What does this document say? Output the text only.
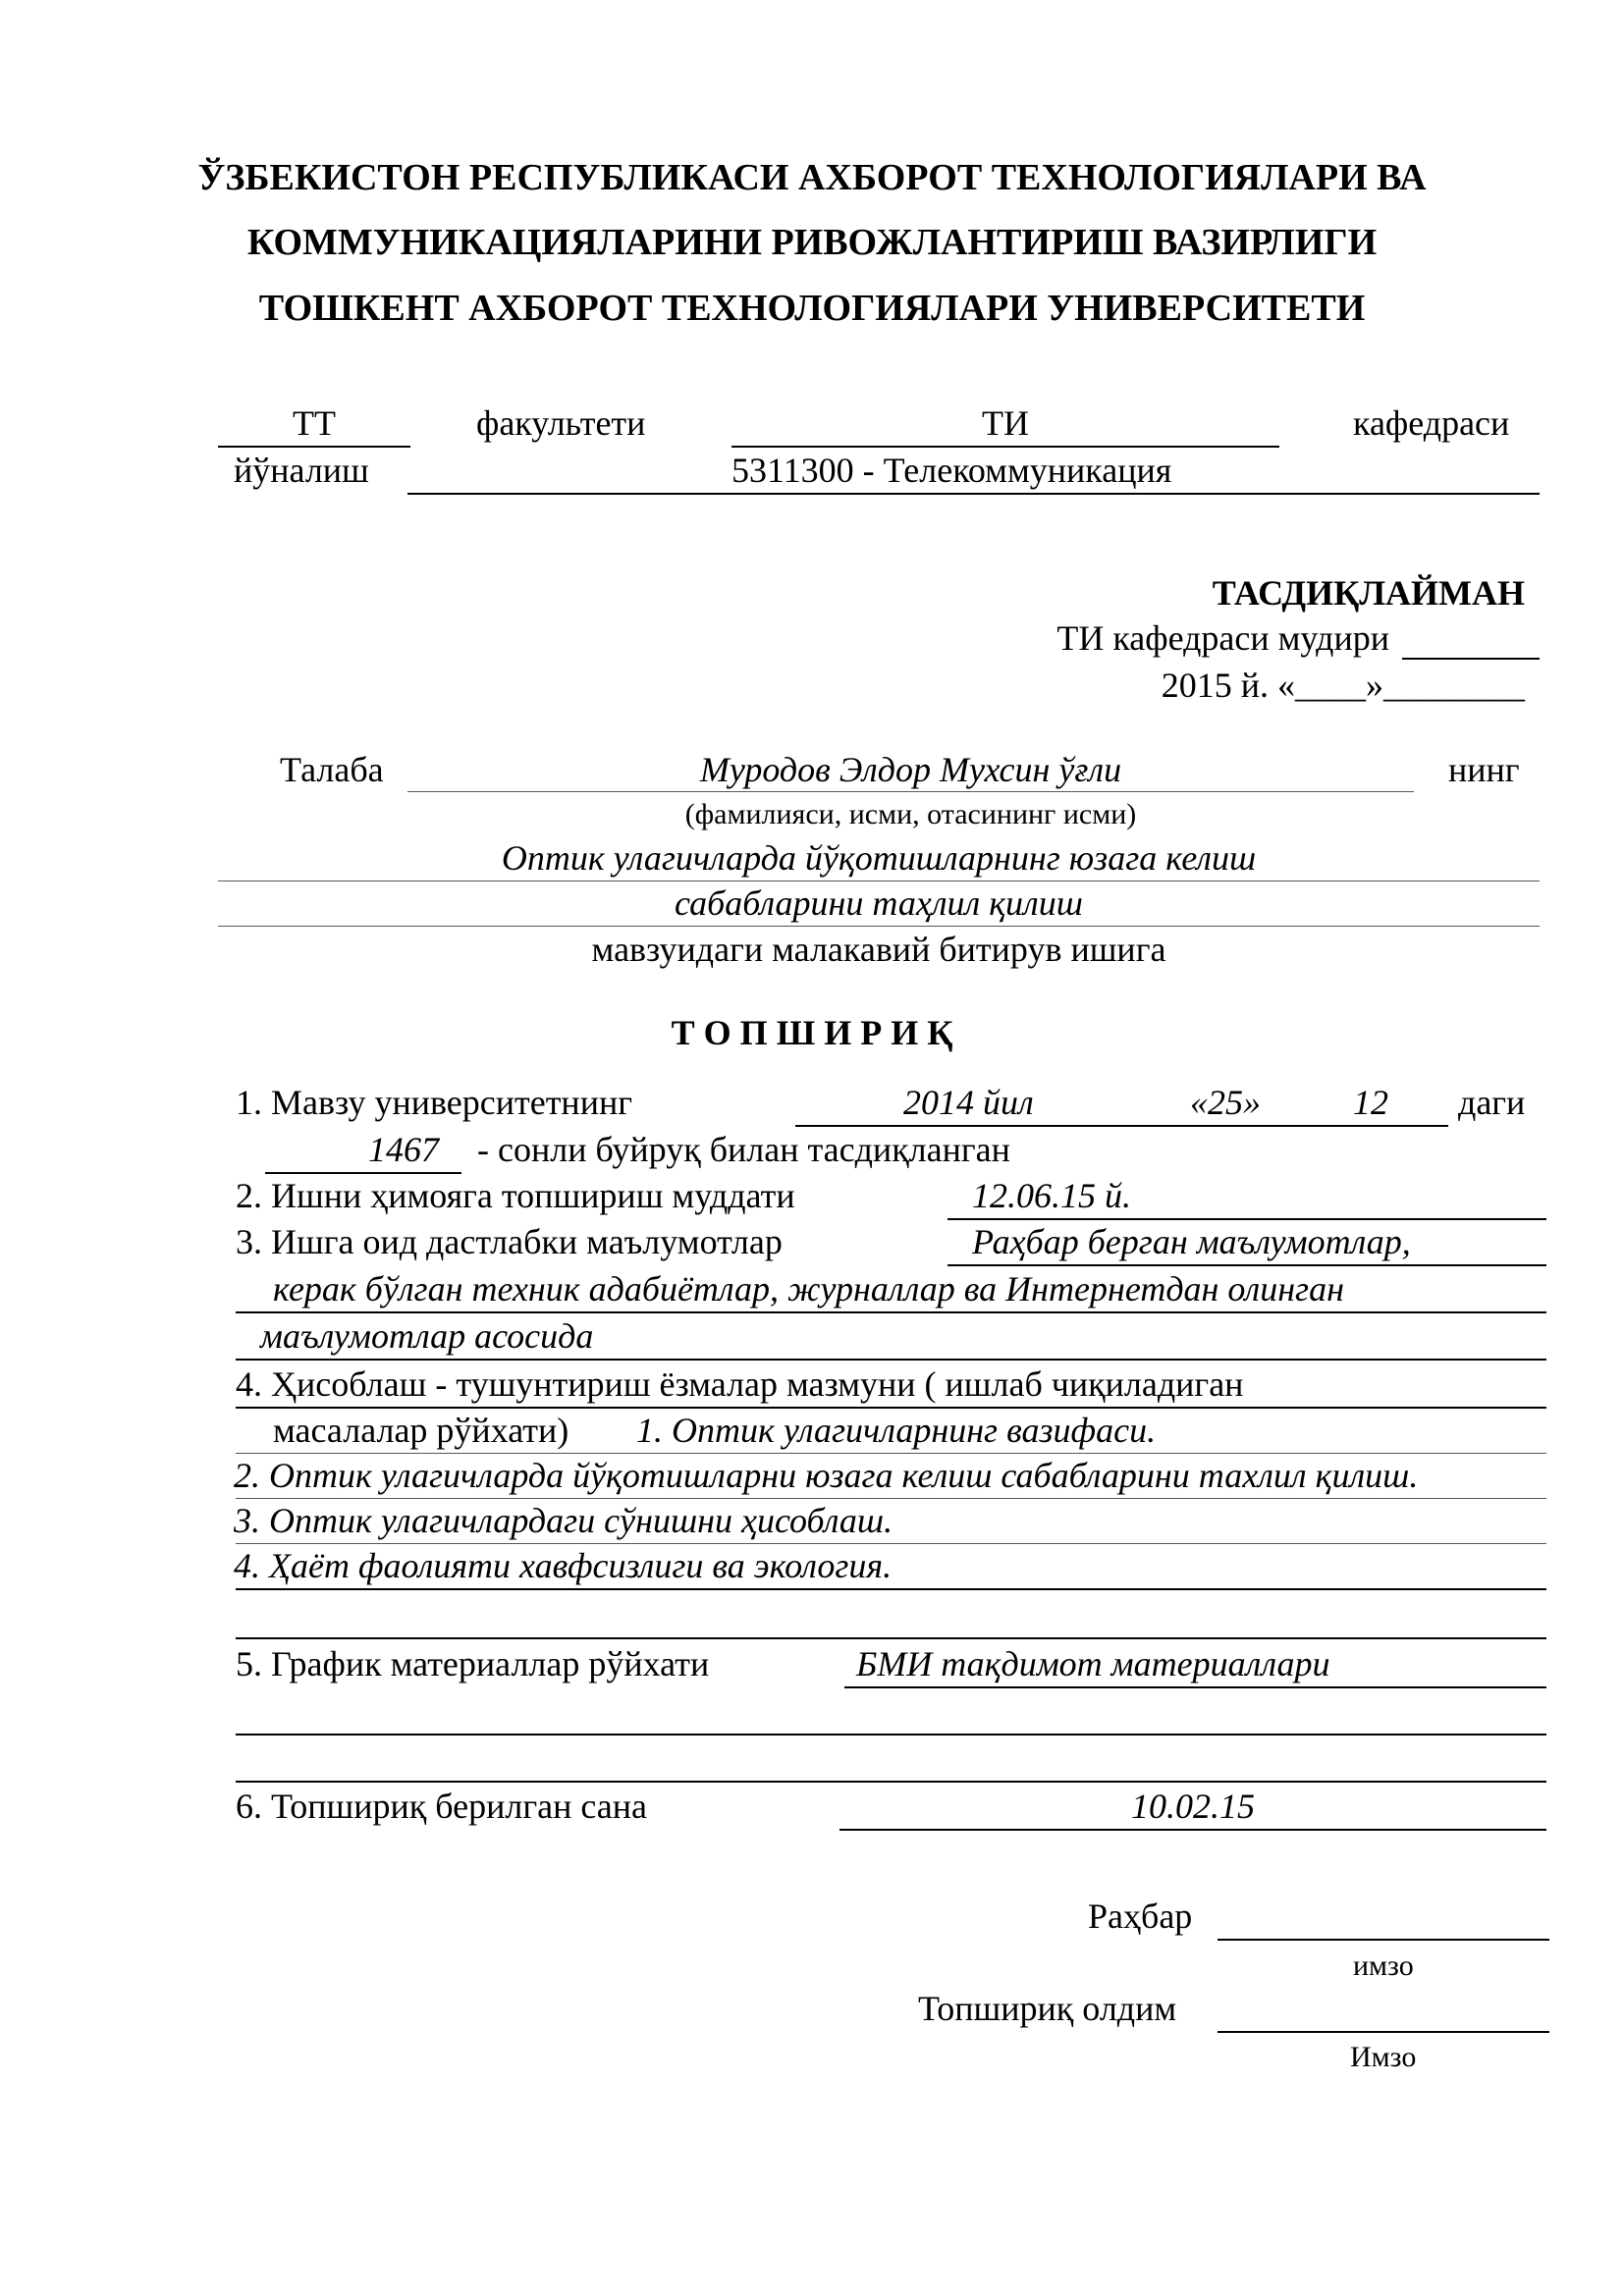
ЎЗБЕКИСТОН РЕСПУБЛИКАСИ АХБОРОТ ТЕХНОЛОГИЯЛАРИ ВА
КОММУНИКАЦИЯЛАРИНИ РИВОЖЛАНТИРИШ ВАЗИРЛИГИ
ТОШКЕНТ АХБОРОТ ТЕХНОЛОГИЯЛАРИ УНИВЕРСИТЕТИ
ТТ	факультети	ТИ	кафедраси
йўналиш	5311300 - Телекоммуникация
ТАСДИҚЛАЙМАН
ТИ кафедраси мудири
2015 й. «____»________
Талаба	Муродов Элдор Мухсин ўғли	нинг
(фамилияси, исми, отасининг исми)
Оптик улагичларда йўқотишларнинг юзага келиш
сабабларини таҳлил қилиш
мавзуидаги малакавий битирув ишига
Т О П Ш И Р И Қ
1. Мавзу университетнинг	2014 йил	«25»	12 даги
1467 - сонли буйруқ билан тасдиқланган
2. Ишни ҳимояга топшириш муддати	12.06.15 й.
3. Ишга оид дастлабки маълумотлар	Раҳбар берган маълумотлар,
керак бўлган техник адабиётлар, журналлар ва Интернетдан олинган
маълумотлар асосида
4. Ҳисоблаш - тушунтириш ёзмалар мазмуни ( ишлаб чиқиладиган
масалалар рўйхати) 1. Оптик улагичларнинг вазифаси.
2. Оптик улагичларда йўқотишларни юзага келиш сабабларини тахлил қилиш.
3. Оптик улагичлардаги сўнишни ҳисоблаш.
4. Ҳаёт фаолияти хавфсизлиги ва экология.
5. График материаллар рўйхати	БМИ тақдимот материаллари
6. Топшириқ берилган сана	10.02.15
Раҳбар
имзо
Топшириқ олдим
Имзо
